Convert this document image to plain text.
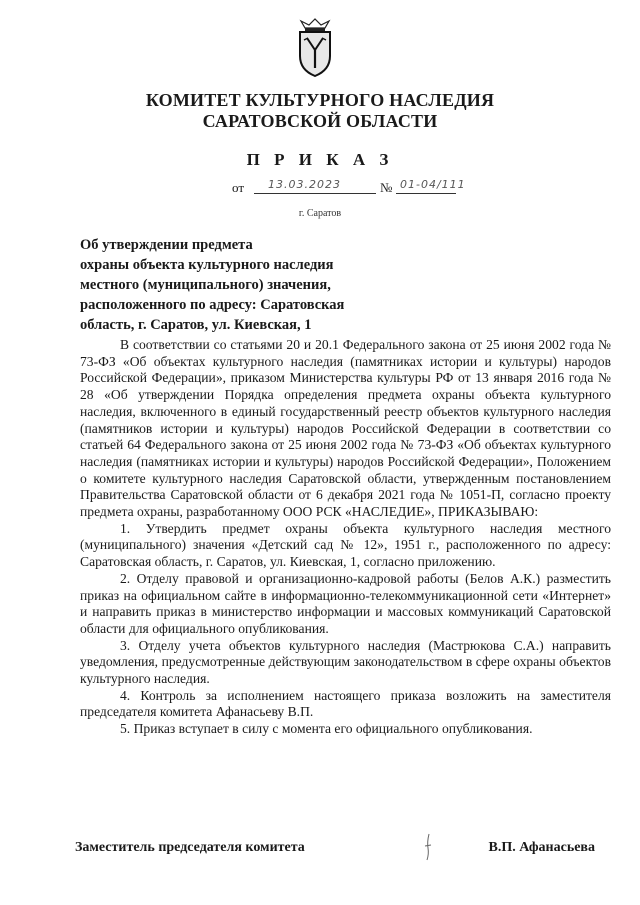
КОМИТЕТ КУЛЬТУРНОГО НАСЛЕДИЯ
САРАТОВСКОЙ ОБЛАСТИ
П Р И К А З
от 13.03.2023	№ 01-04/111
г. Саратов
Об утверждении предмета
охраны объекта культурного наследия
местного (муниципального) значения,
расположенного по адресу: Саратовская
область, г. Саратов, ул. Киевская, 1

В соответствии со статьями 20 и 20.1 Федерального закона от 25 июня 2002 года № 73-ФЗ «Об объектах культурного наследия (памятниках истории и культуры) народов Российской Федерации», приказом Министерства культуры РФ от 13 января 2016 года № 28 «Об утверждении Порядка определения предмета охраны объекта культурного наследия, включенного в единый государственный реестр объектов культурного наследия (памятников истории и культуры) народов Российской Федерации в соответствии со статьей 64 Федерального закона от 25 июня 2002 года № 73-ФЗ «Об объектах культурного наследия (памятниках истории и культуры) народов Российской Федерации», Положением о комитете культурного наследия Саратовской области, утвержденным постановлением Правительства Саратовской области от 6 декабря 2021 года № 1051-П, согласно проекту предмета охраны, разработанному ООО РСК «НАСЛЕДИЕ», ПРИКАЗЫВАЮ:

1. Утвердить предмет охраны объекта культурного наследия местного (муниципального) значения «Детский сад № 12», 1951 г., расположенного по адресу: Саратовская область, г. Саратов, ул. Киевская, 1, согласно приложению.

2. Отделу правовой и организационно-кадровой работы (Белов А.К.) разместить приказ на официальном сайте в информационно-телекоммуникационной сети «Интернет» и направить приказ в министерство информации и массовых коммуникаций Саратовской области для официального опубликования.

3. Отделу учета объектов культурного наследия (Мастрюкова С.А.) направить уведомления, предусмотренные действующим законодательством в сфере охраны объектов культурного наследия.

4. Контроль за исполнением настоящего приказа возложить на заместителя председателя комитета Афанасьеву В.П.

5. Приказ вступает в силу с момента его официального опубликования.

Заместитель председателя комитета	В.П. Афанасьева
